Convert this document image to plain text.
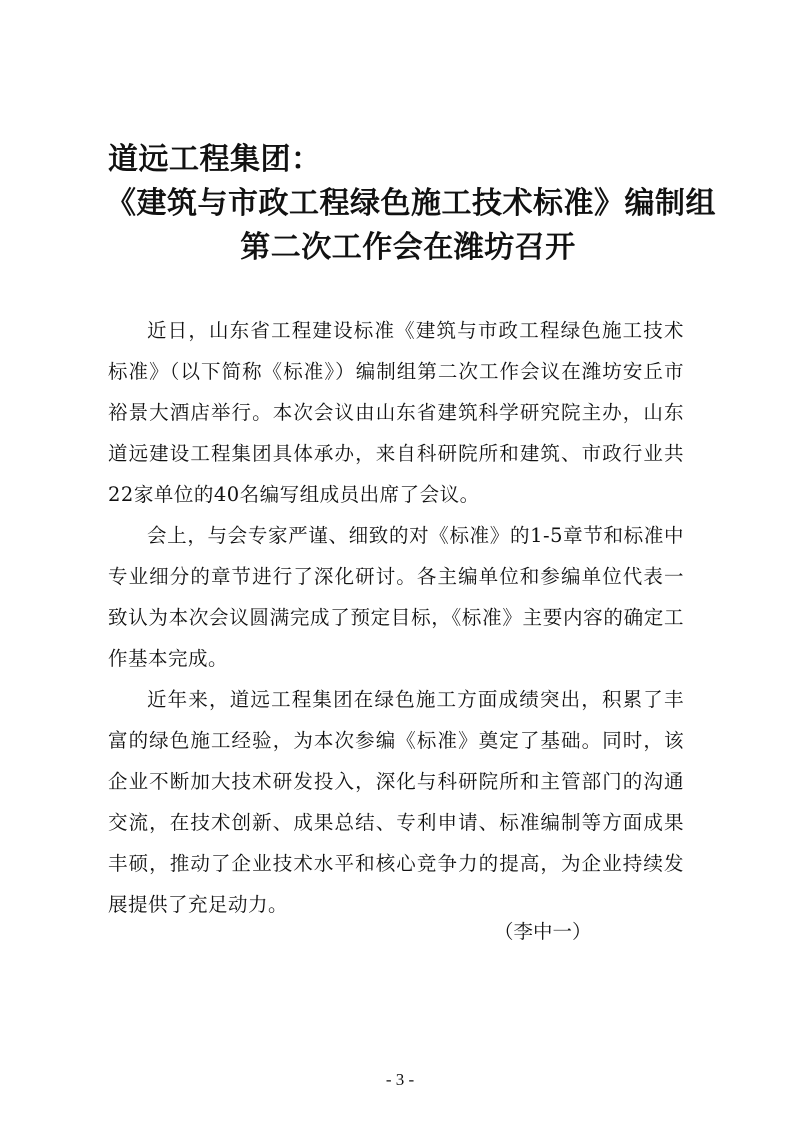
道远工程集团：
《建筑与市政工程绿色施工技术标准》编制组
第二次工作会在潍坊召开

近日，山东省工程建设标准《建筑与市政工程绿色施工技术标准》（以下简称《标准》）编制组第二次工作会议在潍坊安丘市裕景大酒店举行。本次会议由山东省建筑科学研究院主办，山东道远建设工程集团具体承办，来自科研院所和建筑、市政行业共22家单位的40名编写组成员出席了会议。

会上，与会专家严谨、细致的对《标准》的1-5章节和标准中专业细分的章节进行了深化研讨。各主编单位和参编单位代表一致认为本次会议圆满完成了预定目标，《标准》主要内容的确定工作基本完成。

近年来，道远工程集团在绿色施工方面成绩突出，积累了丰富的绿色施工经验，为本次参编《标准》奠定了基础。同时，该企业不断加大技术研发投入，深化与科研院所和主管部门的沟通交流，在技术创新、成果总结、专利申请、标准编制等方面成果丰硕，推动了企业技术水平和核心竞争力的提高，为企业持续发展提供了充足动力。

（李中一）
- 3 -
